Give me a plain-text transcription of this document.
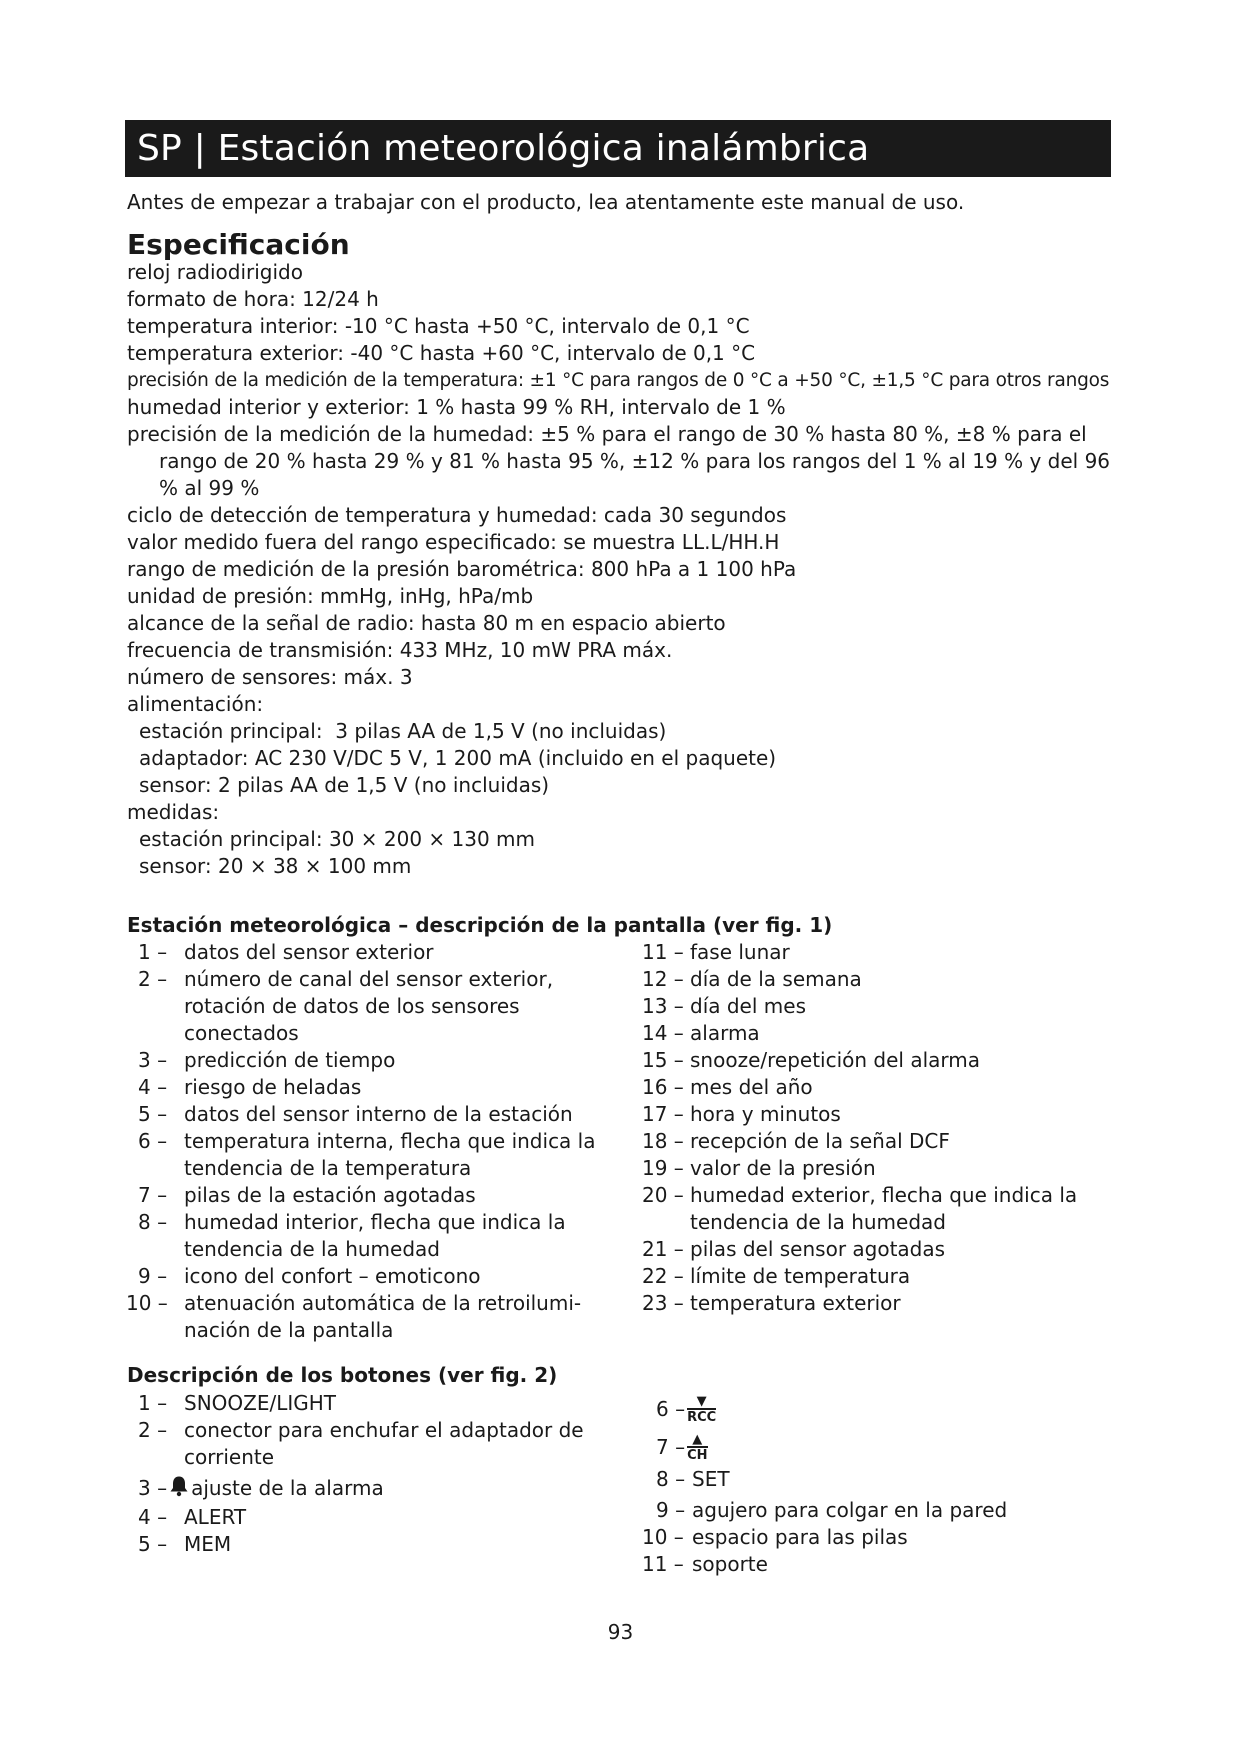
SP | Estación meteorológica inalámbrica
Antes de empezar a trabajar con el producto, lea atentamente este manual de uso.
Especificación
reloj radiodirigido
formato de hora: 12/24 h
temperatura interior: -10 °C hasta +50 °C, intervalo de 0,1 °C
temperatura exterior: -40 °C hasta +60 °C, intervalo de 0,1 °C
precisión de la medición de la temperatura: ±1 °C para rangos de 0 °C a +50 °C, ±1,5 °C para otros rangos
humedad interior y exterior: 1 % hasta 99 % RH, intervalo de 1 %
precisión de la medición de la humedad: ±5 % para el rango de 30 % hasta 80 %, ±8 % para el rango de 20 % hasta 29 % y 81 % hasta 95 %, ±12 % para los rangos del 1 % al 19 % y del 96 % al 99 %
ciclo de detección de temperatura y humedad: cada 30 segundos
valor medido fuera del rango especificado: se muestra LL.L/HH.H
rango de medición de la presión barométrica: 800 hPa a 1 100 hPa
unidad de presión: mmHg, inHg, hPa/mb
alcance de la señal de radio: hasta 80 m en espacio abierto
frecuencia de transmisión: 433 MHz, 10 mW PRA máx.
número de sensores: máx. 3
alimentación:
estación principal:  3 pilas AA de 1,5 V (no incluidas)
adaptador: AC 230 V/DC 5 V, 1 200 mA (incluido en el paquete)
sensor: 2 pilas AA de 1,5 V (no incluidas)
medidas:
estación principal: 30 × 200 × 130 mm
sensor: 20 × 38 × 100 mm
Estación meteorológica – descripción de la pantalla (ver fig. 1)
1 – datos del sensor exterior
2 – número de canal del sensor exterior,
rotación de datos de los sensores
conectados
3 – predicción de tiempo
4 – riesgo de heladas
5 – datos del sensor interno de la estación
6 – temperatura interna, flecha que indica la
tendencia de la temperatura
7 – pilas de la estación agotadas
8 – humedad interior, flecha que indica la
tendencia de la humedad
9 – icono del confort – emoticono
10 – atenuación automática de la retroilumi-
nación de la pantalla
11 – fase lunar
12 – día de la semana
13 – día del mes
14 – alarma
15 – snooze/repetición del alarma
16 – mes del año
17 – hora y minutos
18 – recepción de la señal DCF
19 – valor de la presión
20 – humedad exterior, flecha que indica la
tendencia de la humedad
21 – pilas del sensor agotadas
22 – límite de temperatura
23 – temperatura exterior
Descripción de los botones (ver fig. 2)
1 – SNOOZE/LIGHT
2 – conector para enchufar el adaptador de
corriente
3 – ajuste de la alarma
4 – ALERT
5 – MEM
6 – ▼
RCC
7 – ▲
CH
8 – SET
9 – agujero para colgar en la pared
10 – espacio para las pilas
11 – soporte
93
